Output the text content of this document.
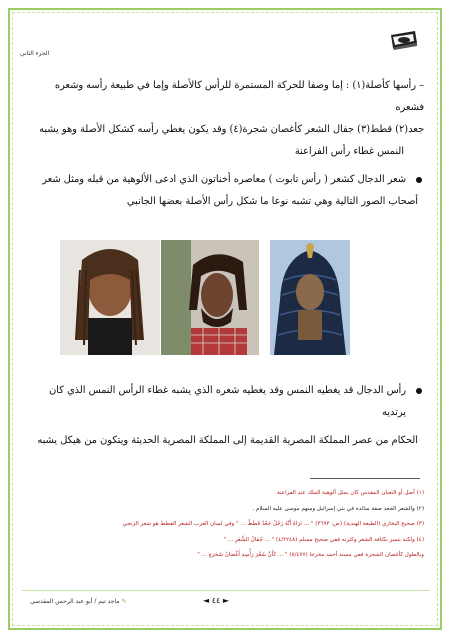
الجزء الثاني

– رأسها كأصلة(١) : إما وصفا للحركة المستمرة للرأس كالأصلة وإما في طبيعة رأسه وشعره فشعره

جعد(٢) قطط(٣) جفال الشعر كأغصان شجرة(٤) وقد يكون يغطي رأسه كشكل الأصلة وهو يشبه

النمس غطاء رأس الفراعنة

شعر الدجال كشعر ( رأس تابوت ) معاصره أخناتون الذي ادعى الألوهية من قبله ومثل شعر

أصحاب الصور التالية وهي تشبه نوعا ما شكل رأس الأصلة بعضها الجانبي

رأس الدجال قد يغطيه النمس وقد يغطيه شعره الذي يشبه غطاء الرأس النمس الذي كان يرتديه

الحكام من عصر المملكة المصرية القديمة إلى المملكة المصرية الحديثة ويتكون من هيكل يشبه

(١) أصل أو الثعبان المقدس كان يمثل ألوهية الملك عند الفراعنة

(٢) والشعر الجعد صفة سائدة في بني إسرائيل ومنهم موسى عليه السلام .

(٣) صحيح البخاري (الطبعة الهندية) (ص: ٣٦٩٣) " ... تَرَاهُ أَنَّهُ رَجُلٌ جَعْدٌ قَطَطٌ ... " وفي لسان العرب الشعر القطط هو شعر الزنجي

(٤) ولكنه يتميز بكثافة الشعر وكثرته ففي صحيح مسلم (٤/٢٢٤٨) " ... جُفَالُ الشَّعَرِ ... "

وبالطول كأغصان الشجرة ففي مسند أحمد مخرجا (٥/٤٧٧) " ... كَأَنَّ شَعْرَ رَأْسِهِ أَغْصَانُ شَجَرَةٍ ... "

◄ ٤٤ ►
✎ ماجد تيم / أبو عبد الرحمن المقدسي
